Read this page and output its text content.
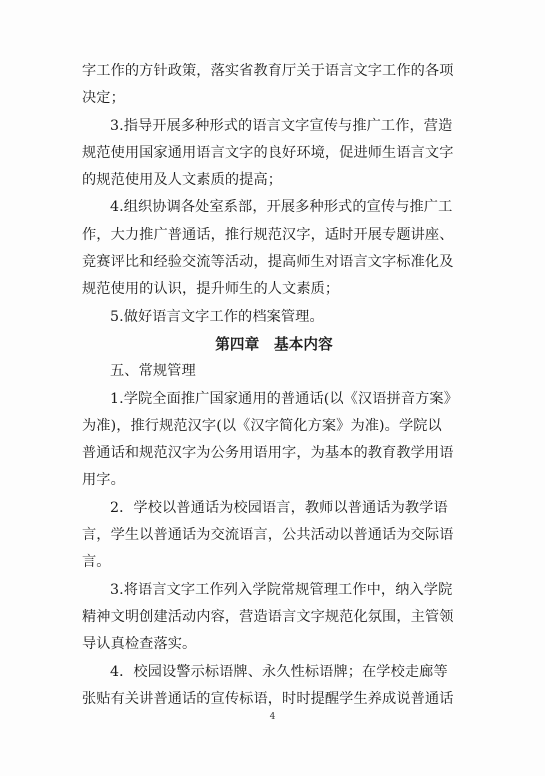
字工作的方针政策，落实省教育厅关于语言文字工作的各项
决定；
3.指导开展多种形式的语言文字宣传与推广工作，营造
规范使用国家通用语言文字的良好环境，促进师生语言文字
的规范使用及人文素质的提高；
4.组织协调各处室系部，开展多种形式的宣传与推广工
作，大力推广普通话，推行规范汉字，适时开展专题讲座、
竞赛评比和经验交流等活动，提高师生对语言文字标准化及
规范使用的认识，提升师生的人文素质；
5.做好语言文字工作的档案管理。
第四章　基本内容
五、常规管理
1.学院全面推广国家通用的普通话(以《汉语拼音方案》
为准)，推行规范汉字(以《汉字简化方案》为准)。学院以
普通话和规范汉字为公务用语用字，为基本的教育教学用语
用字。
2．学校以普通话为校园语言，教师以普通话为教学语
言，学生以普通话为交流语言，公共活动以普通话为交际语
言。
3.将语言文字工作列入学院常规管理工作中，纳入学院
精神文明创建活动内容，营造语言文字规范化氛围，主管领
导认真检查落实。
4．校园设警示标语牌、永久性标语牌；在学校走廊等
张贴有关讲普通话的宣传标语，时时提醒学生养成说普通话
4
